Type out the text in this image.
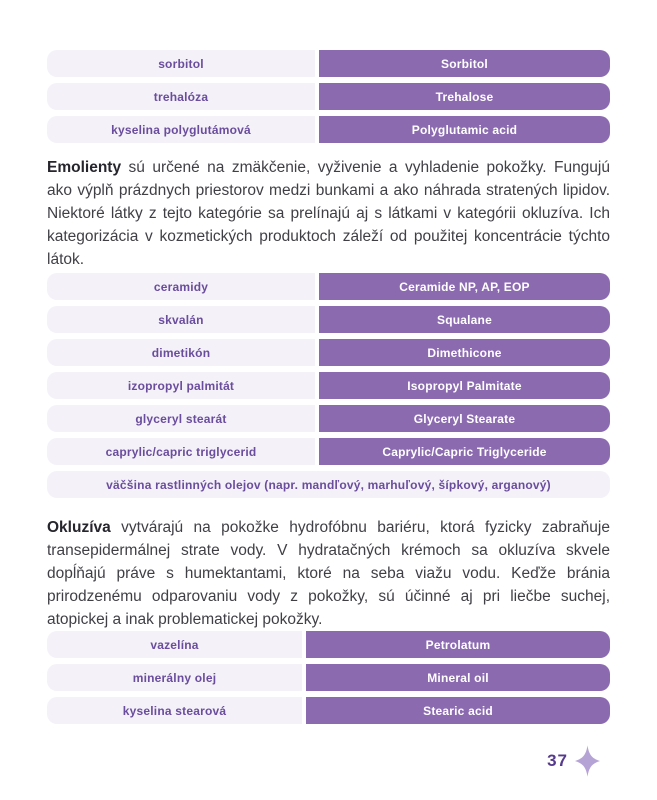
sorbitol	Sorbitol
trehalóza	Trehalose
kyselina polyglutámová	Polyglutamic acid

Emolienty sú určené na zmäkčenie, vyživenie a vyhladenie pokožky. Fungujú ako výplň prázdnych priestorov medzi bunkami a ako náhrada stratených lipidov. Niektoré látky z tejto kategórie sa prelínajú aj s látkami v kategórii okluzíva. Ich kategorizácia v kozmetických produktoch záleží od použitej koncentrácie týchto látok.

ceramidy	Ceramide NP, AP, EOP
skvalán	Squalane
dimetikón	Dimethicone
izopropyl palmitát	Isopropyl Palmitate
glyceryl stearát	Glyceryl Stearate
caprylic/capric triglycerid	Caprylic/Capric Triglyceride
väčšina rastlinných olejov (napr. mandľový, marhuľový, šípkový, arganový)

Okluzíva vytvárajú na pokožke hydrofóbnu bariéru, ktorá fyzicky zabraňuje transepidermálnej strate vody. V hydratačných krémoch sa okluzíva skvele dopĺňajú práve s humektantami, ktoré na seba viažu vodu. Keďže bránia prirodzenému odparovaniu vody z pokožky, sú účinné aj pri liečbe suchej, atopickej a inak problematickej pokožky.

vazelína	Petrolatum
minerálny olej	Mineral oil
kyselina stearová	Stearic acid
37
